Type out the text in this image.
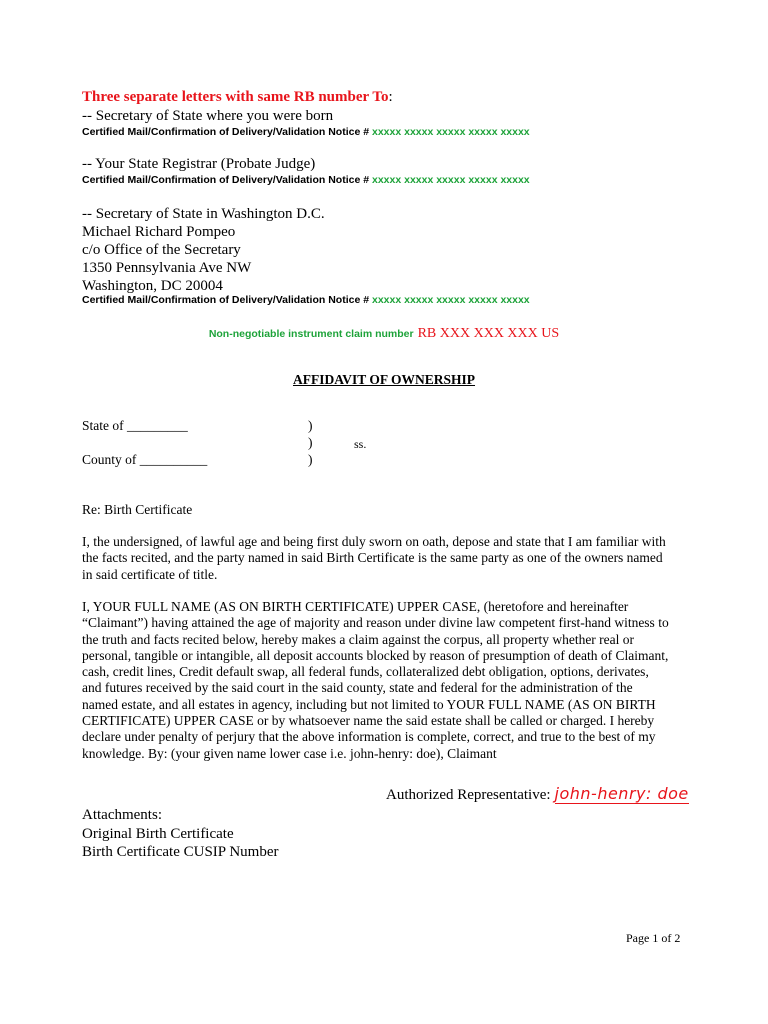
Three separate letters with same RB number To:
-- Secretary of State where you were born
Certified Mail/Confirmation of Delivery/Validation Notice # xxxxx xxxxx xxxxx xxxxx xxxxx
-- Your State Registrar (Probate Judge)
Certified Mail/Confirmation of Delivery/Validation Notice # xxxxx xxxxx xxxxx xxxxx xxxxx
-- Secretary of State in Washington D.C.
Michael Richard Pompeo
c/o Office of the Secretary
1350 Pennsylvania Ave NW
Washington, DC 20004
Certified Mail/Confirmation of Delivery/Validation Notice # xxxxx xxxxx xxxxx xxxxx xxxxx
Non-negotiable instrument claim number RB XXX XXX XXX US
AFFIDAVIT OF OWNERSHIP
State of _________
County of __________
)
)
)
ss.
Re: Birth Certificate
I, the undersigned, of lawful age and being first duly sworn on oath, depose and state that I am familiar with
the facts recited, and the party named in said Birth Certificate is the same party as one of the owners named
in said certificate of title.
I, YOUR FULL NAME (AS ON BIRTH CERTIFICATE) UPPER CASE, (heretofore and hereinafter
“Claimant”) having attained the age of majority and reason under divine law competent first-hand witness to
the truth and facts recited below, hereby makes a claim against the corpus, all property whether real or
personal, tangible or intangible, all deposit accounts blocked by reason of presumption of death of Claimant,
cash, credit lines, Credit default swap, all federal funds, collateralized debt obligation, options, derivates,
and futures received by the said court in the said county, state and federal for the administration of the
named estate, and all estates in agency, including but not limited to YOUR FULL NAME (AS ON BIRTH
CERTIFICATE) UPPER CASE or by whatsoever name the said estate shall be called or charged. I hereby
declare under penalty of perjury that the above information is complete, correct, and true to the best of my
knowledge. By: (your given name lower case i.e. john-henry: doe), Claimant
Authorized Representative: john-henry: doe
Attachments:
Original Birth Certificate
Birth Certificate CUSIP Number
Page 1 of 2
